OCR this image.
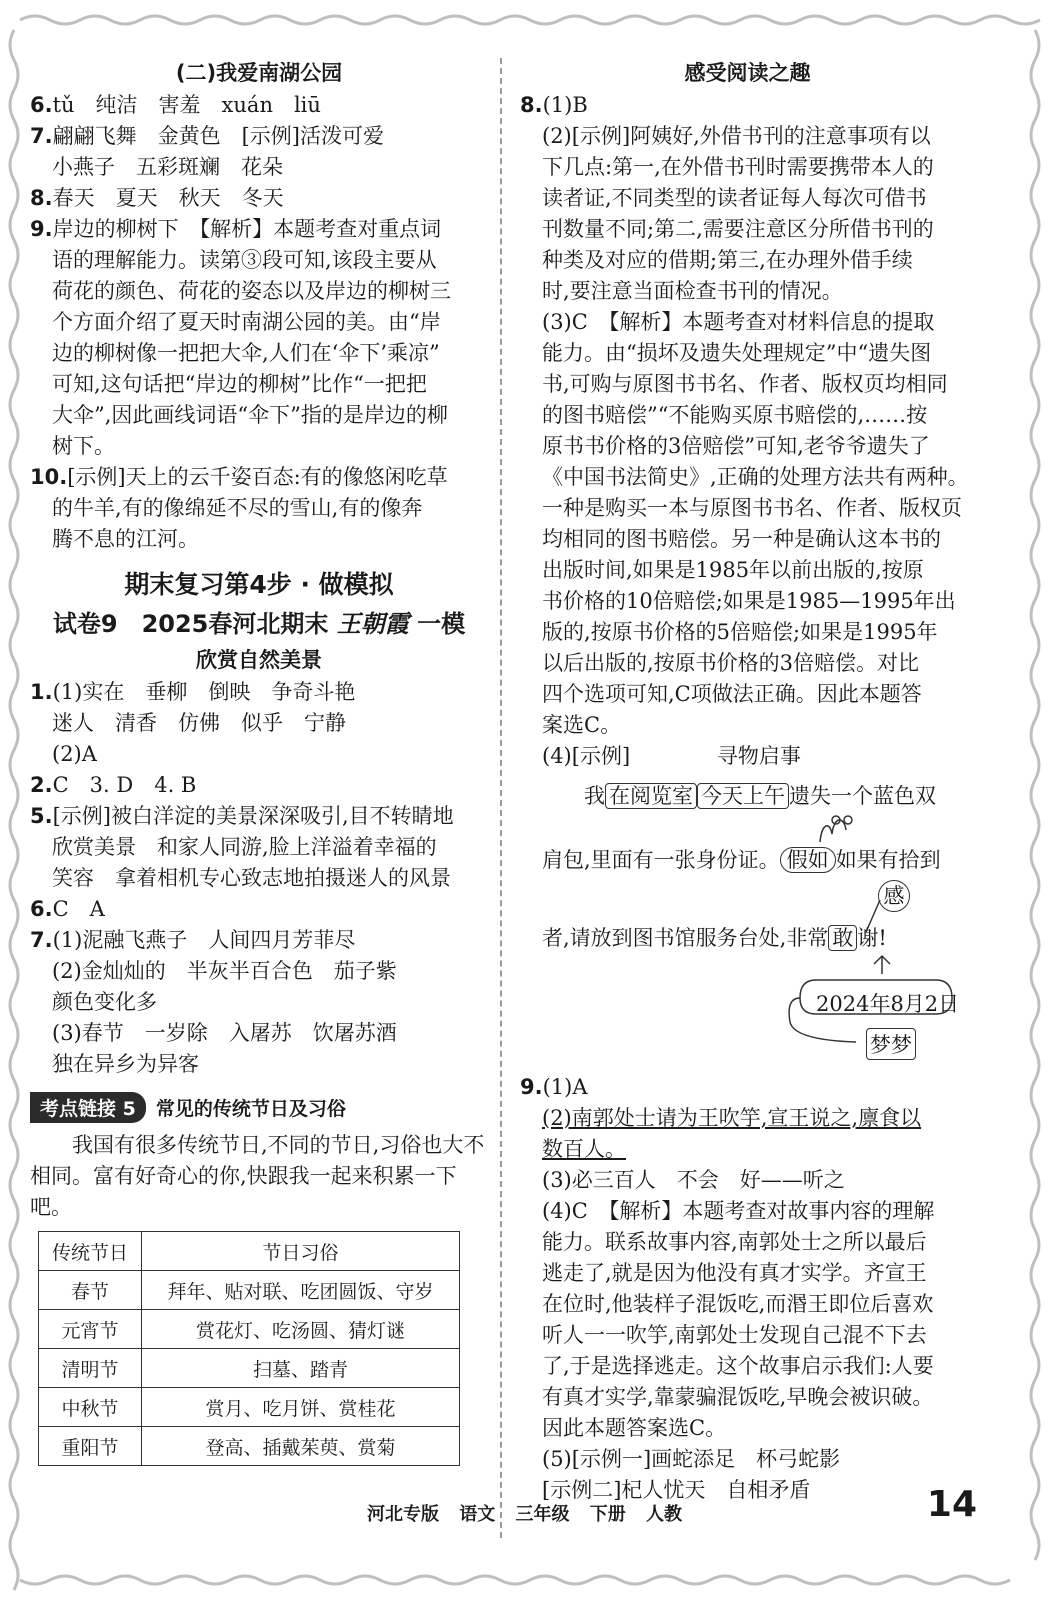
(二)我爱南湖公园
6.tǔ　纯洁　害羞　xuán　liū
7.翩翩飞舞　金黄色　[示例]活泼可爱
小燕子　五彩斑斓　花朵
8.春天　夏天　秋天　冬天
9.岸边的柳树下　【解析】本题考查对重点词
语的理解能力。读第③段可知,该段主要从
荷花的颜色、荷花的姿态以及岸边的柳树三
个方面介绍了夏天时南湖公园的美。由“岸
边的柳树像一把把大伞,人们在‘伞下’乘凉”
可知,这句话把“岸边的柳树”比作“一把把
大伞”,因此画线词语“伞下”指的是岸边的柳
树下。
10.[示例]天上的云千姿百态:有的像悠闲吃草
的牛羊,有的像绵延不尽的雪山,有的像奔
腾不息的江河。
期末复习第4步 · 做模拟
试卷9　2025春河北期末 王朝霞 一模
欣赏自然美景
1.(1)实在　垂柳　倒映　争奇斗艳
迷人　清香　仿佛　似乎　宁静
(2)A
2.C　3. D　4. B
5.[示例]被白洋淀的美景深深吸引,目不转睛地
欣赏美景　和家人同游,脸上洋溢着幸福的
笑容　拿着相机专心致志地拍摄迷人的风景
6.C　A
7.(1)泥融飞燕子　人间四月芳菲尽
(2)金灿灿的　半灰半百合色　茄子紫
颜色变化多
(3)春节　一岁除　入屠苏　饮屠苏酒
独在异乡为异客
考点链接 5	常见的传统节日及习俗
我国有很多传统节日,不同的节日,习俗也大不相同。富有好奇心的你,快跟我一起来积累一下吧。
传统节日	节日习俗
春节	拜年、贴对联、吃团圆饭、守岁
元宵节	赏花灯、吃汤圆、猜灯谜
清明节	扫墓、踏青
中秋节	赏月、吃月饼、赏桂花
重阳节	登高、插戴茱萸、赏菊
感受阅读之趣
8.(1)B
(2)[示例]阿姨好,外借书刊的注意事项有以
下几点:第一,在外借书刊时需要携带本人的
读者证,不同类型的读者证每人每次可借书
刊数量不同;第二,需要注意区分所借书刊的
种类及对应的借期;第三,在办理外借手续
时,要注意当面检查书刊的情况。
(3)C　【解析】本题考查对材料信息的提取
能力。由“损坏及遗失处理规定”中“遗失图
书,可购与原图书书名、作者、版权页均相同
的图书赔偿”“不能购买原书赔偿的,……按
原书书价格的3倍赔偿”可知,老爷爷遗失了
《中国书法简史》,正确的处理方法共有两种。
一种是购买一本与原图书书名、作者、版权页
均相同的图书赔偿。另一种是确认这本书的
出版时间,如果是1985年以前出版的,按原
书价格的10倍赔偿;如果是1985—1995年出
版的,按原书价格的5倍赔偿;如果是1995年
以后出版的,按原书价格的3倍赔偿。对比
四个选项可知,C项做法正确。因此本题答
案选C。
(4)[示例]	寻物启事
我 在阅览室 今天上午 遗失一个蓝色双
肩包,里面有一张身份证。 假如 如果有拾到
感
者,请放到图书馆服务台处,非常 敢 谢!
2024年8月2日
梦梦
9.(1)A
(2)南郭处士请为王吹竽,宣王说之,廪食以
数百人。
(3)必三百人　不会　好——听之
(4)C　【解析】本题考查对故事内容的理解
能力。联系故事内容,南郭处士之所以最后
逃走了,就是因为他没有真才实学。齐宣王
在位时,他装样子混饭吃,而湣王即位后喜欢
听人一一吹竽,南郭处士发现自己混不下去
了,于是选择逃走。这个故事启示我们:人要
有真才实学,靠蒙骗混饭吃,早晚会被识破。
因此本题答案选C。
(5)[示例一]画蛇添足　杯弓蛇影
[示例二]杞人忧天　自相矛盾
河北专版 语文 三年级 下册 人教	14
